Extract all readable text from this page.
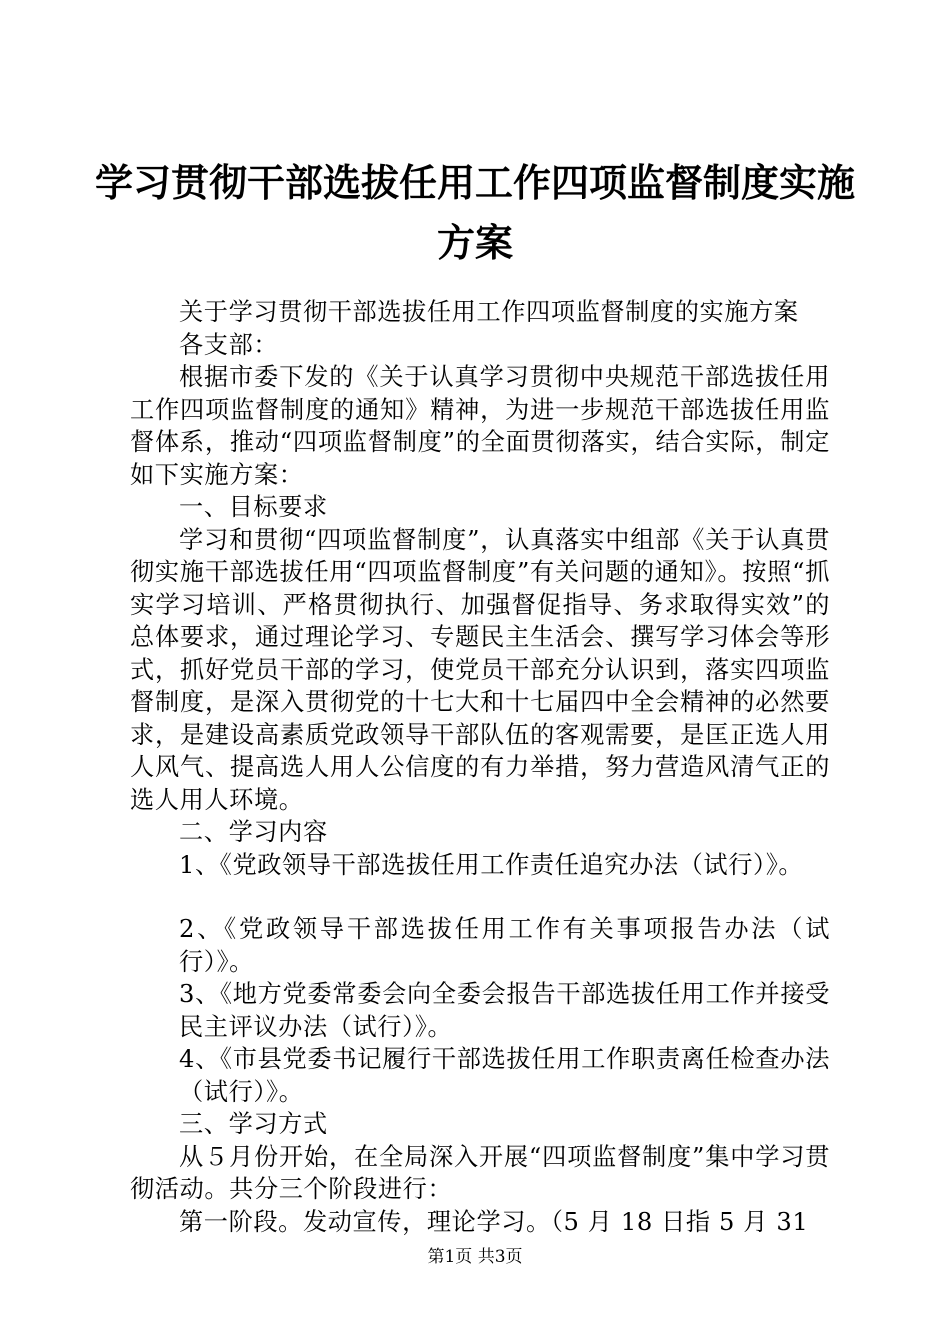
学习贯彻干部选拔任用工作四项监督制度实施
方案

关于学习贯彻干部选拔任用工作四项监督制度的实施方案

各支部：

根据市委下发的《关于认真学习贯彻中央规范干部选拔任用工作四项监督制度的通知》精神，为进一步规范干部选拔任用监督体系，推动“四项监督制度”的全面贯彻落实，结合实际，制定如下实施方案：

一、目标要求

学习和贯彻“四项监督制度”，认真落实中组部《关于认真贯彻实施干部选拔任用“四项监督制度”有关问题的通知》。按照“抓实学习培训、严格贯彻执行、加强督促指导、务求取得实效”的总体要求，通过理论学习、专题民主生活会、撰写学习体会等形式，抓好党员干部的学习，使党员干部充分认识到，落实四项监督制度，是深入贯彻党的十七大和十七届四中全会精神的必然要求，是建设高素质党政领导干部队伍的客观需要，是匡正选人用人风气、提高选人用人公信度的有力举措，努力营造风清气正的选人用人环境。

二、学习内容

1、《党政领导干部选拔任用工作责任追究办法（试行）》。

2、《党政领导干部选拔任用工作有关事项报告办法（试行）》。

3、《地方党委常委会向全委会报告干部选拔任用工作并接受民主评议办法（试行）》。

4、《市县党委书记履行干部选拔任用工作职责离任检查办法（试行）》。

三、学习方式

从５月份开始，在全局深入开展“四项监督制度”集中学习贯彻活动。共分三个阶段进行：

第一阶段。发动宣传，理论学习。（5 月 18 日指 5 月 31

第1页 共3页
